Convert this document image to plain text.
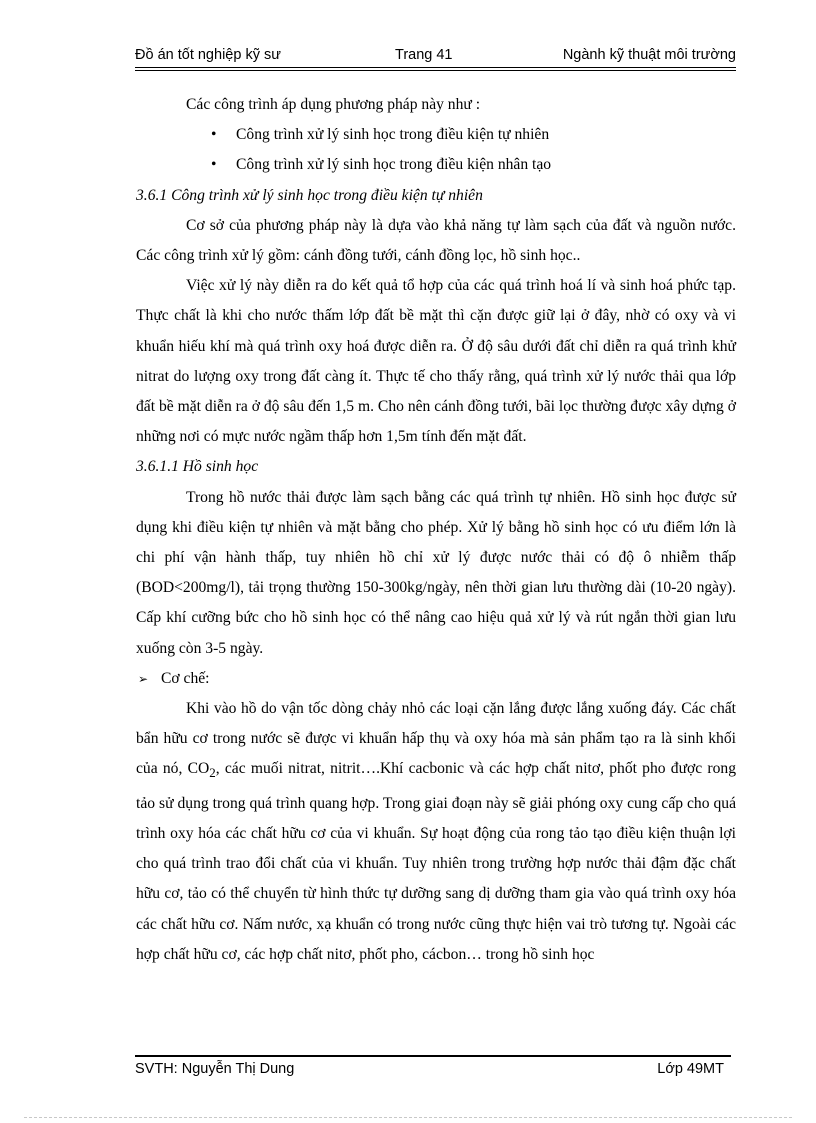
Đồ án tốt nghiệp kỹ sư	Trang 41	Ngành kỹ thuật môi trường

Các công trình áp dụng phương pháp này như :

• Công trình xử lý sinh học trong điều kiện tự nhiên

• Công trình xử lý sinh học trong điều kiện nhân tạo

3.6.1 Công trình xử lý sinh học trong điều kiện tự nhiên

Cơ sở của phương pháp này là dựa vào khả năng tự làm sạch của đất và nguồn nước. Các công trình xử lý gồm: cánh đồng tưới, cánh đồng lọc, hồ sinh học..

Việc xử lý này diễn ra do kết quả tổ hợp của các quá trình hoá lí và sinh hoá phức tạp. Thực chất là khi cho nước thấm lớp đất bề mặt thì cặn được giữ lại ở đây, nhờ có oxy và vi khuẩn hiếu khí mà quá trình oxy hoá được diễn ra. Ở độ sâu dưới đất chỉ diễn ra quá trình khử nitrat do lượng oxy trong đất càng ít. Thực tế cho thấy rằng, quá trình xử lý nước thải qua lớp đất bề mặt diễn ra ở độ sâu đến 1,5 m. Cho nên cánh đồng tưới, bãi lọc thường được xây dựng ở những nơi có mực nước ngầm thấp hơn 1,5m tính đến mặt đất.

3.6.1.1 Hồ sinh học

Trong hồ nước thải được làm sạch bằng các quá trình tự nhiên. Hồ sinh học được sử dụng khi điều kiện tự nhiên và mặt bằng cho phép. Xử lý bằng hồ sinh học có ưu điểm lớn là chi phí vận hành thấp, tuy nhiên hồ chỉ xử lý được nước thải có độ ô nhiễm thấp (BOD<200mg/l), tải trọng thường 150-300kg/ngày, nên thời gian lưu thường dài (10-20 ngày). Cấp khí cưỡng bức cho hồ sinh học có thể nâng cao hiệu quả xử lý và rút ngắn thời gian lưu xuống còn 3-5 ngày.

➢ Cơ chế:

Khi vào hồ do vận tốc dòng chảy nhỏ các loại cặn lắng được lắng xuống đáy. Các chất bẩn hữu cơ trong nước sẽ được vi khuẩn hấp thụ và oxy hóa mà sản phẩm tạo ra là sinh khối của nó, $CO_2$, các muối nitrat, nitrit….Khí cacbonic và các hợp chất nitơ, phốt pho được rong tảo sử dụng trong quá trình quang hợp. Trong giai đoạn này sẽ giải phóng oxy cung cấp cho quá trình oxy hóa các chất hữu cơ của vi khuẩn. Sự hoạt động của rong tảo tạo điều kiện thuận lợi cho quá trình trao đổi chất của vi khuẩn. Tuy nhiên trong trường hợp nước thải đậm đặc chất hữu cơ, tảo có thể chuyển từ hình thức tự dưỡng sang dị dưỡng tham gia vào quá trình oxy hóa các chất hữu cơ. Nấm nước, xạ khuẩn có trong nước cũng thực hiện vai trò tương tự. Ngoài các hợp chất hữu cơ, các hợp chất nitơ, phốt pho, cácbon… trong hồ sinh học

SVTH: Nguyễn Thị Dung	Lớp 49MT
